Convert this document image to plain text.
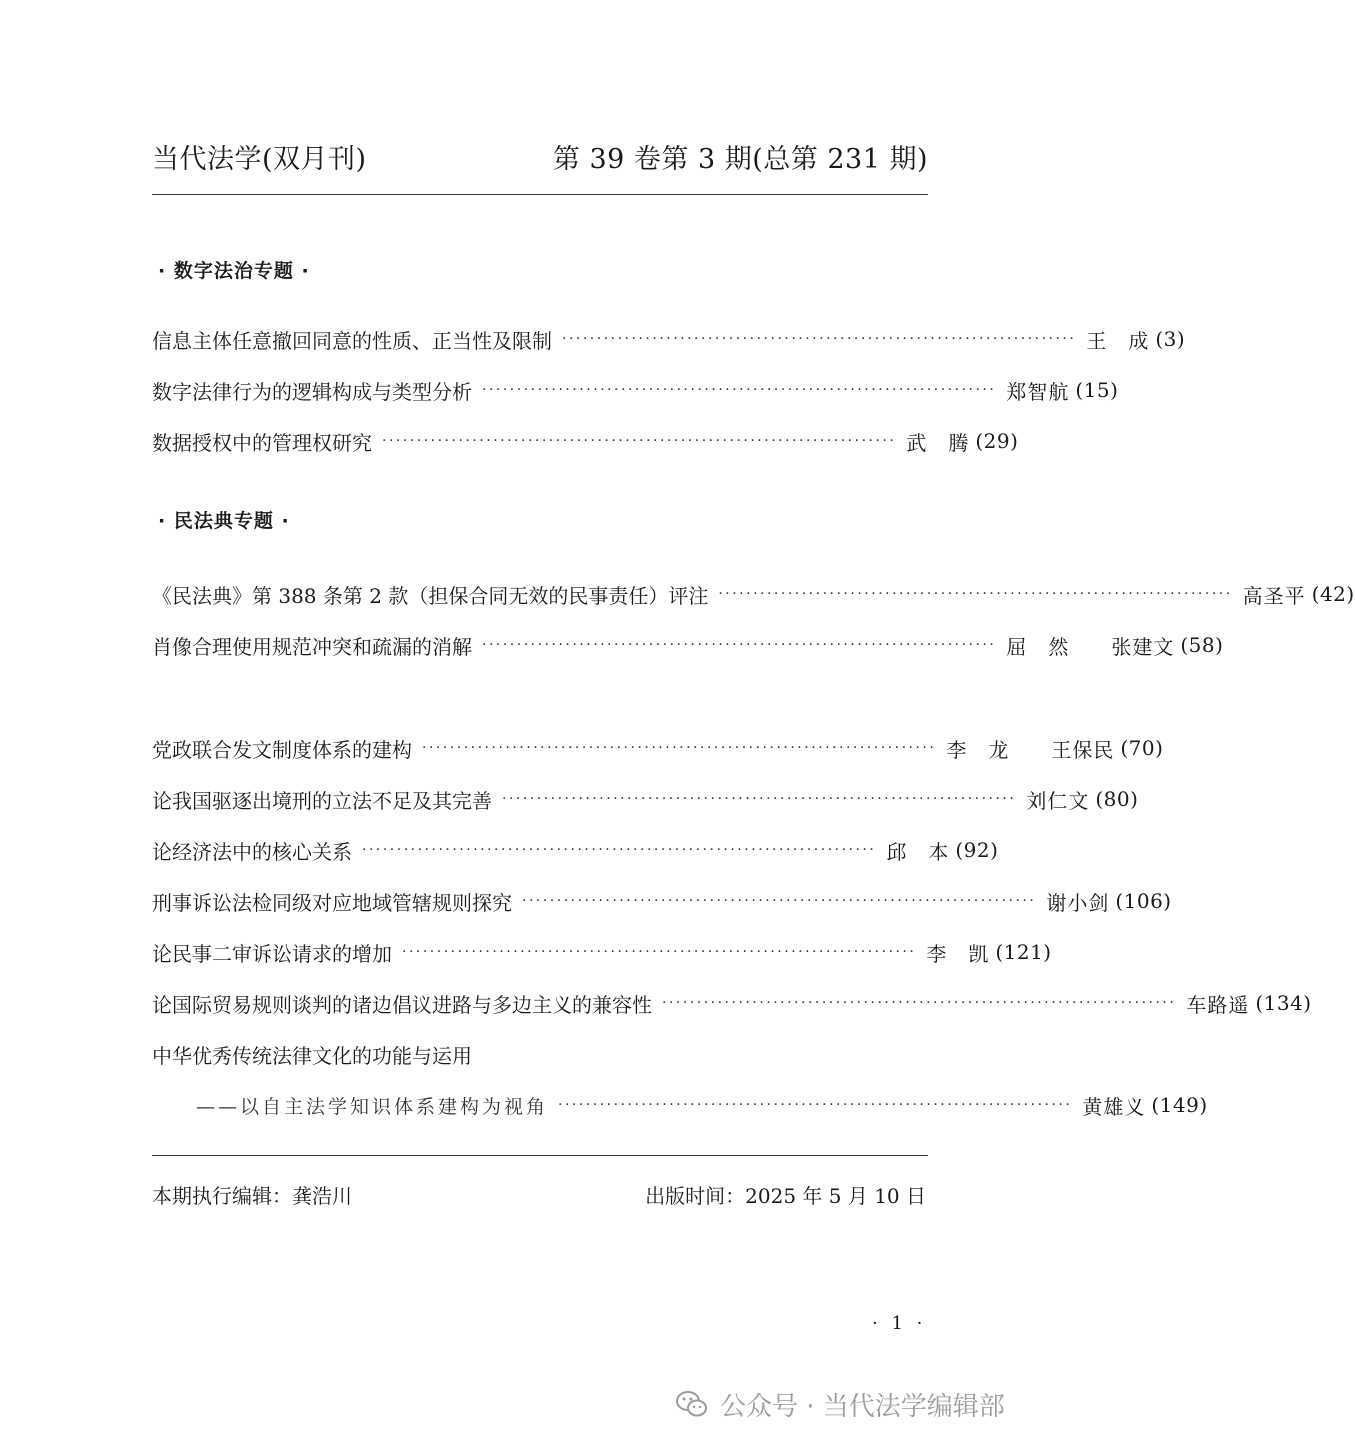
当代法学(双月刊)	第 39 卷第 3 期(总第 231 期)
· 数字法治专题 ·
· 民法典专题 ·
信息主体任意撤回同意的性质、正当性及限制 ·········································································· 王　成 (3)
数字法律行为的逻辑构成与类型分析 ·········································································· 郑智航 (15)
数据授权中的管理权研究 ·········································································· 武　腾 (29)
《民法典》第 388 条第 2 款（担保合同无效的民事责任）评注 ·········································································· 高圣平 (42)
肖像合理使用规范冲突和疏漏的消解 ·········································································· 屈　然　　张建文 (58)
党政联合发文制度体系的建构 ·········································································· 李　龙　　王保民 (70)
论我国驱逐出境刑的立法不足及其完善 ·········································································· 刘仁文 (80)
论经济法中的核心关系 ·········································································· 邱　本 (92)
刑事诉讼法检同级对应地域管辖规则探究 ·········································································· 谢小剑 (106)
论民事二审诉讼请求的增加 ·········································································· 李　凯 (121)
论国际贸易规则谈判的诸边倡议进路与多边主义的兼容性 ·········································································· 车路遥 (134)
中华优秀传统法律文化的功能与运用
——以自主法学知识体系建构为视角 ·········································································· 黄雄义 (149)
本期执行编辑：龚浩川	出版时间：2025 年 5 月 10 日
· 1 ·
公众号 · 当代法学编辑部
